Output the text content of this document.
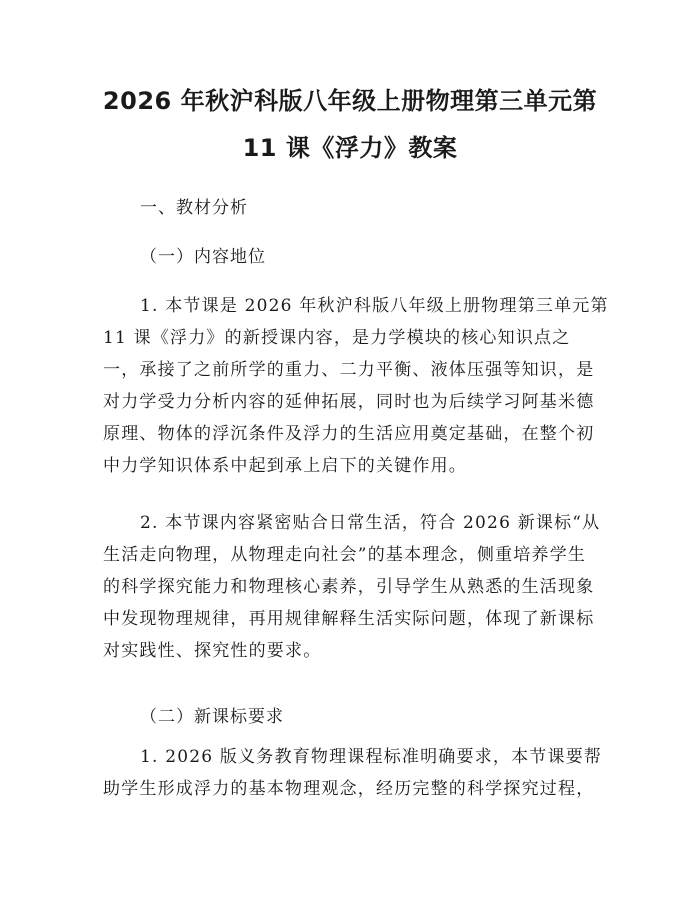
2026 年秋沪科版八年级上册物理第三单元第
11 课《浮力》教案
一、教材分析
（一）内容地位
1. 本节课是 2026 年秋沪科版八年级上册物理第三单元第
11 课《浮力》的新授课内容，是力学模块的核心知识点之
一，承接了之前所学的重力、二力平衡、液体压强等知识，是
对力学受力分析内容的延伸拓展，同时也为后续学习阿基米德
原理、物体的浮沉条件及浮力的生活应用奠定基础，在整个初
中力学知识体系中起到承上启下的关键作用。
2. 本节课内容紧密贴合日常生活，符合 2026 新课标“从
生活走向物理，从物理走向社会”的基本理念，侧重培养学生
的科学探究能力和物理核心素养，引导学生从熟悉的生活现象
中发现物理规律，再用规律解释生活实际问题，体现了新课标
对实践性、探究性的要求。
（二）新课标要求
1. 2026 版义务教育物理课程标准明确要求，本节课要帮
助学生形成浮力的基本物理观念，经历完整的科学探究过程，
